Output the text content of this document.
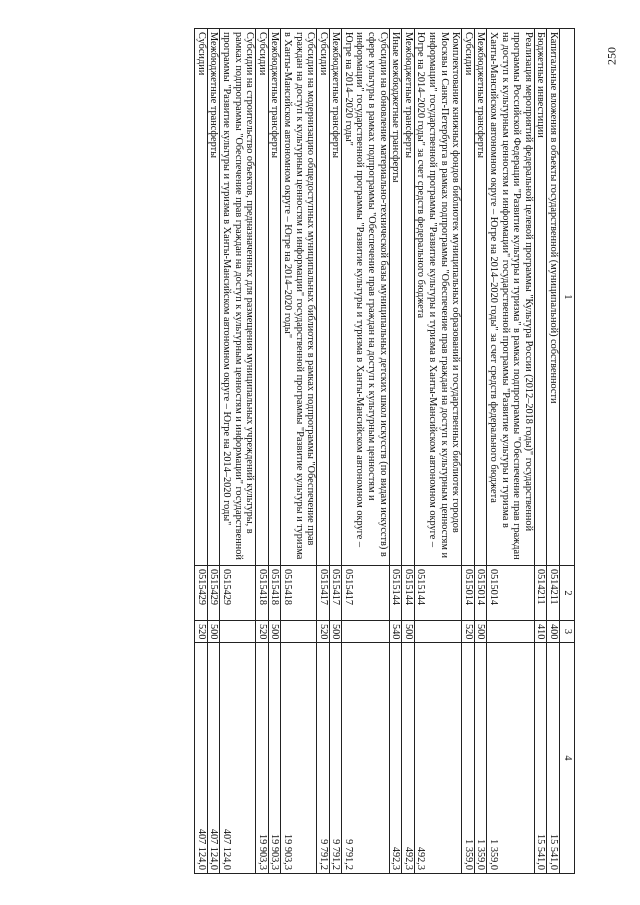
250
1	2	3	4
Капитальные вложения в объекты государственной (муниципальной) собственности	0514211	400	15 541,0
Бюджетные инвестиции	0514211	410	15 541,0
Реализация мероприятий федеральной целевой программы "Культура России (2012–2018 годы)" государственной программы Российской Федерации "Развитие культуры и туризма" в рамках подпрограммы "Обеспечение прав граждан на доступ к культурным ценностям и информации" государственной программы "Развитие культуры и туризма в Ханты-Мансийском автономном округе – Югре на 2014–2020 годы" за счет средств федерального бюджета	0515014		1 359,0
Межбюджетные трансферты	0515014	500	1 359,0
Субсидии	0515014	520	1 359,0
Комплектование книжных фондов библиотек муниципальных образований и государственных библиотек городов Москвы и Санкт-Петербурга в рамках подпрограммы "Обеспечение прав граждан на доступ к культурным ценностям и информации" государственной программы "Развитие культуры и туризма в Ханты-Мансийском автономном округе – Югре на 2014–2020 годы" за счет средств федерального бюджета	0515144		492,3
Межбюджетные трансферты	0515144	500	492,3
Иные межбюджетные трансферты	0515144	540	492,3
Субсидии на обновление материально-технической базы муниципальных детских школ искусств (по видам искусств) в сфере культуры в рамках подпрограммы "Обеспечение прав граждан на доступ к культурным ценностям и информации" государственной программы "Развитие культуры и туризма в Ханты-Мансийском автономном округе – Югре на 2014–2020 годы"	0515417		9 791,2
Межбюджетные трансферты	0515417	500	9 791,2
Субсидии	0515417	520	9 791,2
Субсидии на модернизацию общедоступных муниципальных библиотек в рамках подпрограммы "Обеспечение прав граждан на доступ к культурным ценностям и информации" государственной программы "Развитие культуры и туризма в Ханты-Мансийском автономном округе – Югре на 2014–2020 годы"	0515418		19 903,3
Межбюджетные трансферты	0515418	500	19 903,3
Субсидии	0515418	520	19 903,3
Субсидии на строительство объектов, предназначенных для размещения муниципальных учреждений культуры, в рамках подпрограммы "Обеспечение прав граждан на доступ к культурным ценностям и информации" государственной программы "Развитие культуры и туризма в Ханты-Мансийском автономном округе – Югре на 2014–2020 годы"	0515429		407 124,0
Межбюджетные трансферты	0515429	500	407 124,0
Субсидии	0515429	520	407 124,0
